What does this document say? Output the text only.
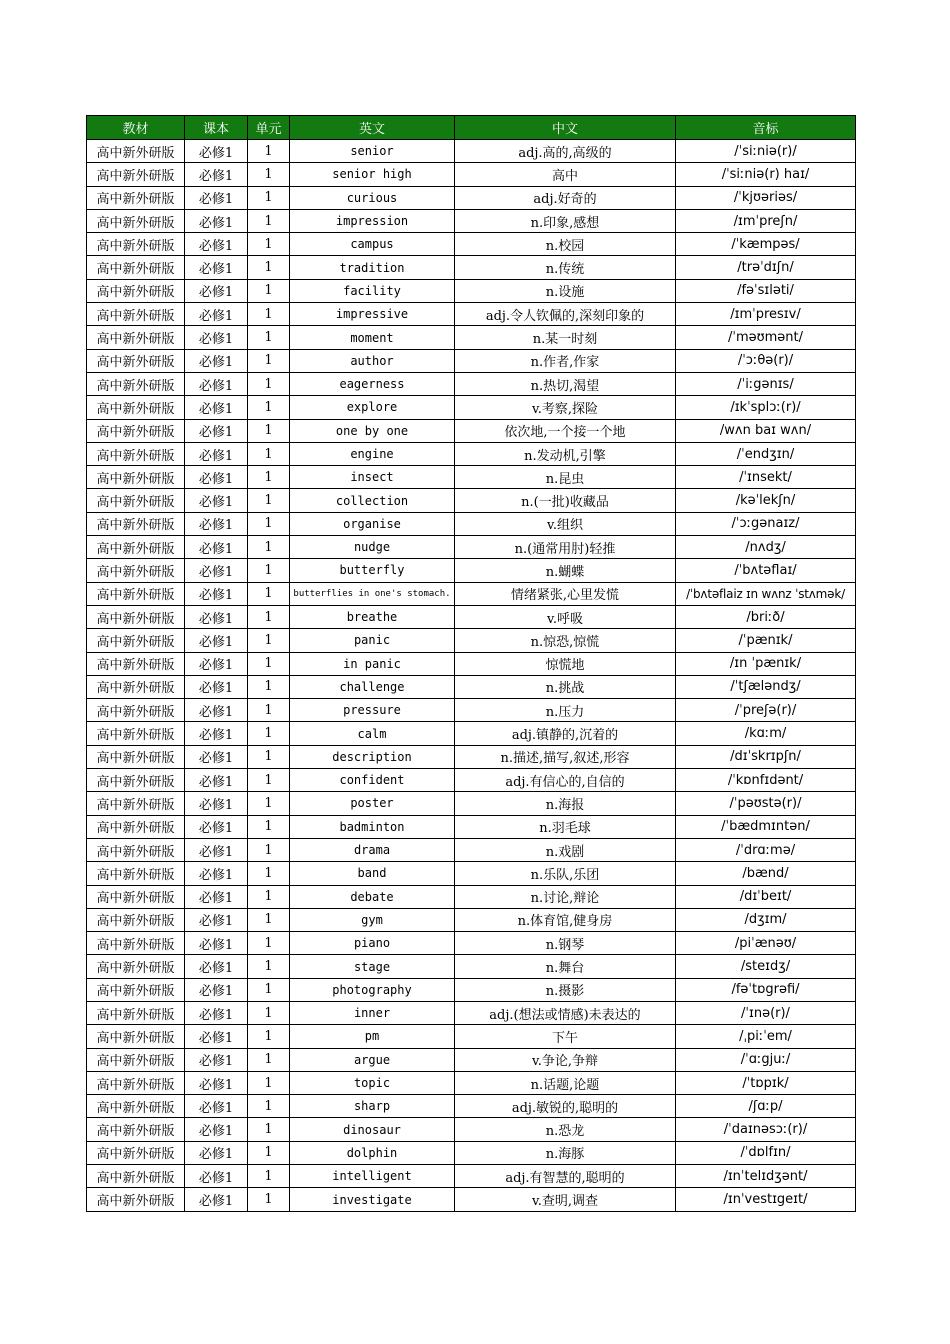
教材	课本	单元	英文	中文	音标
高中新外研版	必修1	1	senior	adj.高的,高级的	/ˈsiːniə(r)/
高中新外研版	必修1	1	senior high	高中	/ˈsiːniə(r) haɪ/
高中新外研版	必修1	1	curious	adj.好奇的	/ˈkjʊəriəs/
高中新外研版	必修1	1	impression	n.印象,感想	/ɪmˈpreʃn/
高中新外研版	必修1	1	campus	n.校园	/ˈkæmpəs/
高中新外研版	必修1	1	tradition	n.传统	/trəˈdɪʃn/
高中新外研版	必修1	1	facility	n.设施	/fəˈsɪləti/
高中新外研版	必修1	1	impressive	adj.令人钦佩的,深刻印象的	/ɪmˈpresɪv/
高中新外研版	必修1	1	moment	n.某一时刻	/ˈməʊmənt/
高中新外研版	必修1	1	author	n.作者,作家	/ˈɔːθə(r)/
高中新外研版	必修1	1	eagerness	n.热切,渴望	/ˈiːgənɪs/
高中新外研版	必修1	1	explore	v.考察,探险	/ɪkˈsplɔː(r)/
高中新外研版	必修1	1	one by one	依次地,一个接一个地	/wʌn baɪ wʌn/
高中新外研版	必修1	1	engine	n.发动机,引擎	/ˈendʒɪn/
高中新外研版	必修1	1	insect	n.昆虫	/ˈɪnsekt/
高中新外研版	必修1	1	collection	n.(一批)收藏品	/kəˈlekʃn/
高中新外研版	必修1	1	organise	v.组织	/ˈɔːgənaɪz/
高中新外研版	必修1	1	nudge	n.(通常用肘)轻推	/nʌdʒ/
高中新外研版	必修1	1	butterfly	n.蝴蝶	/ˈbʌtəflaɪ/
高中新外研版	必修1	1	butterflies in one's stomach.	情绪紧张,心里发慌	/ˈbʌtəflaiz ɪn wʌnz ˈstʌmək/
高中新外研版	必修1	1	breathe	v.呼吸	/briːð/
高中新外研版	必修1	1	panic	n.惊恐,惊慌	/ˈpænɪk/
高中新外研版	必修1	1	in panic	惊慌地	/ɪn ˈpænɪk/
高中新外研版	必修1	1	challenge	n.挑战	/ˈtʃæləndʒ/
高中新外研版	必修1	1	pressure	n.压力	/ˈpreʃə(r)/
高中新外研版	必修1	1	calm	adj.镇静的,沉着的	/kɑːm/
高中新外研版	必修1	1	description	n.描述,描写,叙述,形容	/dɪˈskrɪpʃn/
高中新外研版	必修1	1	confident	adj.有信心的,自信的	/ˈkɒnfɪdənt/
高中新外研版	必修1	1	poster	n.海报	/ˈpəʊstə(r)/
高中新外研版	必修1	1	badminton	n.羽毛球	/ˈbædmɪntən/
高中新外研版	必修1	1	drama	n.戏剧	/ˈdrɑːmə/
高中新外研版	必修1	1	band	n.乐队,乐团	/bænd/
高中新外研版	必修1	1	debate	n.讨论,辩论	/dɪˈbeɪt/
高中新外研版	必修1	1	gym	n.体育馆,健身房	/dʒɪm/
高中新外研版	必修1	1	piano	n.钢琴	/piˈænəʊ/
高中新外研版	必修1	1	stage	n.舞台	/steɪdʒ/
高中新外研版	必修1	1	photography	n.摄影	/fəˈtɒgrəfi/
高中新外研版	必修1	1	inner	adj.(想法或情感)未表达的	/ˈɪnə(r)/
高中新外研版	必修1	1	pm	下午	/ˌpiːˈem/
高中新外研版	必修1	1	argue	v.争论,争辩	/ˈɑːgjuː/
高中新外研版	必修1	1	topic	n.话题,论题	/ˈtɒpɪk/
高中新外研版	必修1	1	sharp	adj.敏锐的,聪明的	/ʃɑːp/
高中新外研版	必修1	1	dinosaur	n.恐龙	/ˈdaɪnəsɔː(r)/
高中新外研版	必修1	1	dolphin	n.海豚	/ˈdɒlfɪn/
高中新外研版	必修1	1	intelligent	adj.有智慧的,聪明的	/ɪnˈtelɪdʒənt/
高中新外研版	必修1	1	investigate	v.查明,调查	/ɪnˈvestɪgeɪt/
